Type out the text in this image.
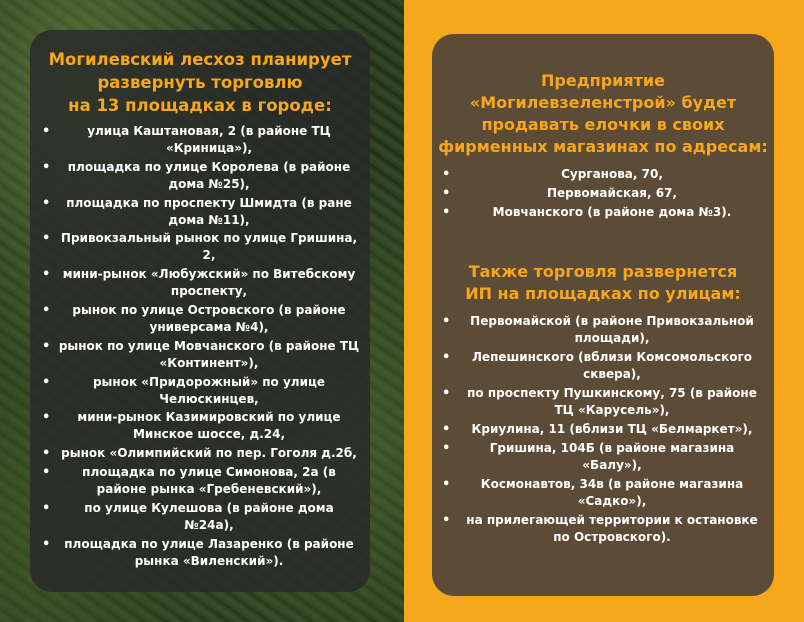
Могилевский лесхоз планирует
развернуть торговлю
на 13 площадках в городе:
• улица Каштановая, 2 (в районе ТЦ «Криница»),
• площадка по улице Королева (в районе дома №25),
• площадка по проспекту Шмидта (в ране дома №11),
• Привокзальный рынок по улице Гришина, 2,
• мини-рынок «Любужский» по Витебскому проспекту,
• рынок по улице Островского (в районе универсама №4),
• рынок по улице Мовчанского (в районе ТЦ «Континент»),
• рынок «Придорожный» по улице Челюскинцев,
• мини-рынок Казимировский по улице Минское шоссе, д.24,
• рынок «Олимпийский по пер. Гоголя д.2б,
• площадка по улице Симонова, 2а (в районе рынка «Гребеневский»),
• по улице Кулешова (в районе дома №24а),
• площадка по улице Лазаренко (в районе рынка «Виленский»).
Предприятие
«Могилевзеленстрой» будет
продавать елочки в своих
фирменных магазинах по адресам:
• Сурганова, 70,
• Первомайская, 67,
• Мовчанского (в районе дома №3).
Также торговля развернется
ИП на площадках по улицам:
• Первомайской (в районе Привокзальной площади),
• Лепешинского (вблизи Комсомольского сквера),
• по проспекту Пушкинскому, 75 (в районе ТЦ «Карусель»),
• Криулина, 11 (вблизи ТЦ «Белмаркет»),
• Гришина, 104Б (в районе магазина «Балу»),
• Космонавтов, 34в (в районе магазина «Садко»),
• на прилегающей территории к остановке по Островского).
